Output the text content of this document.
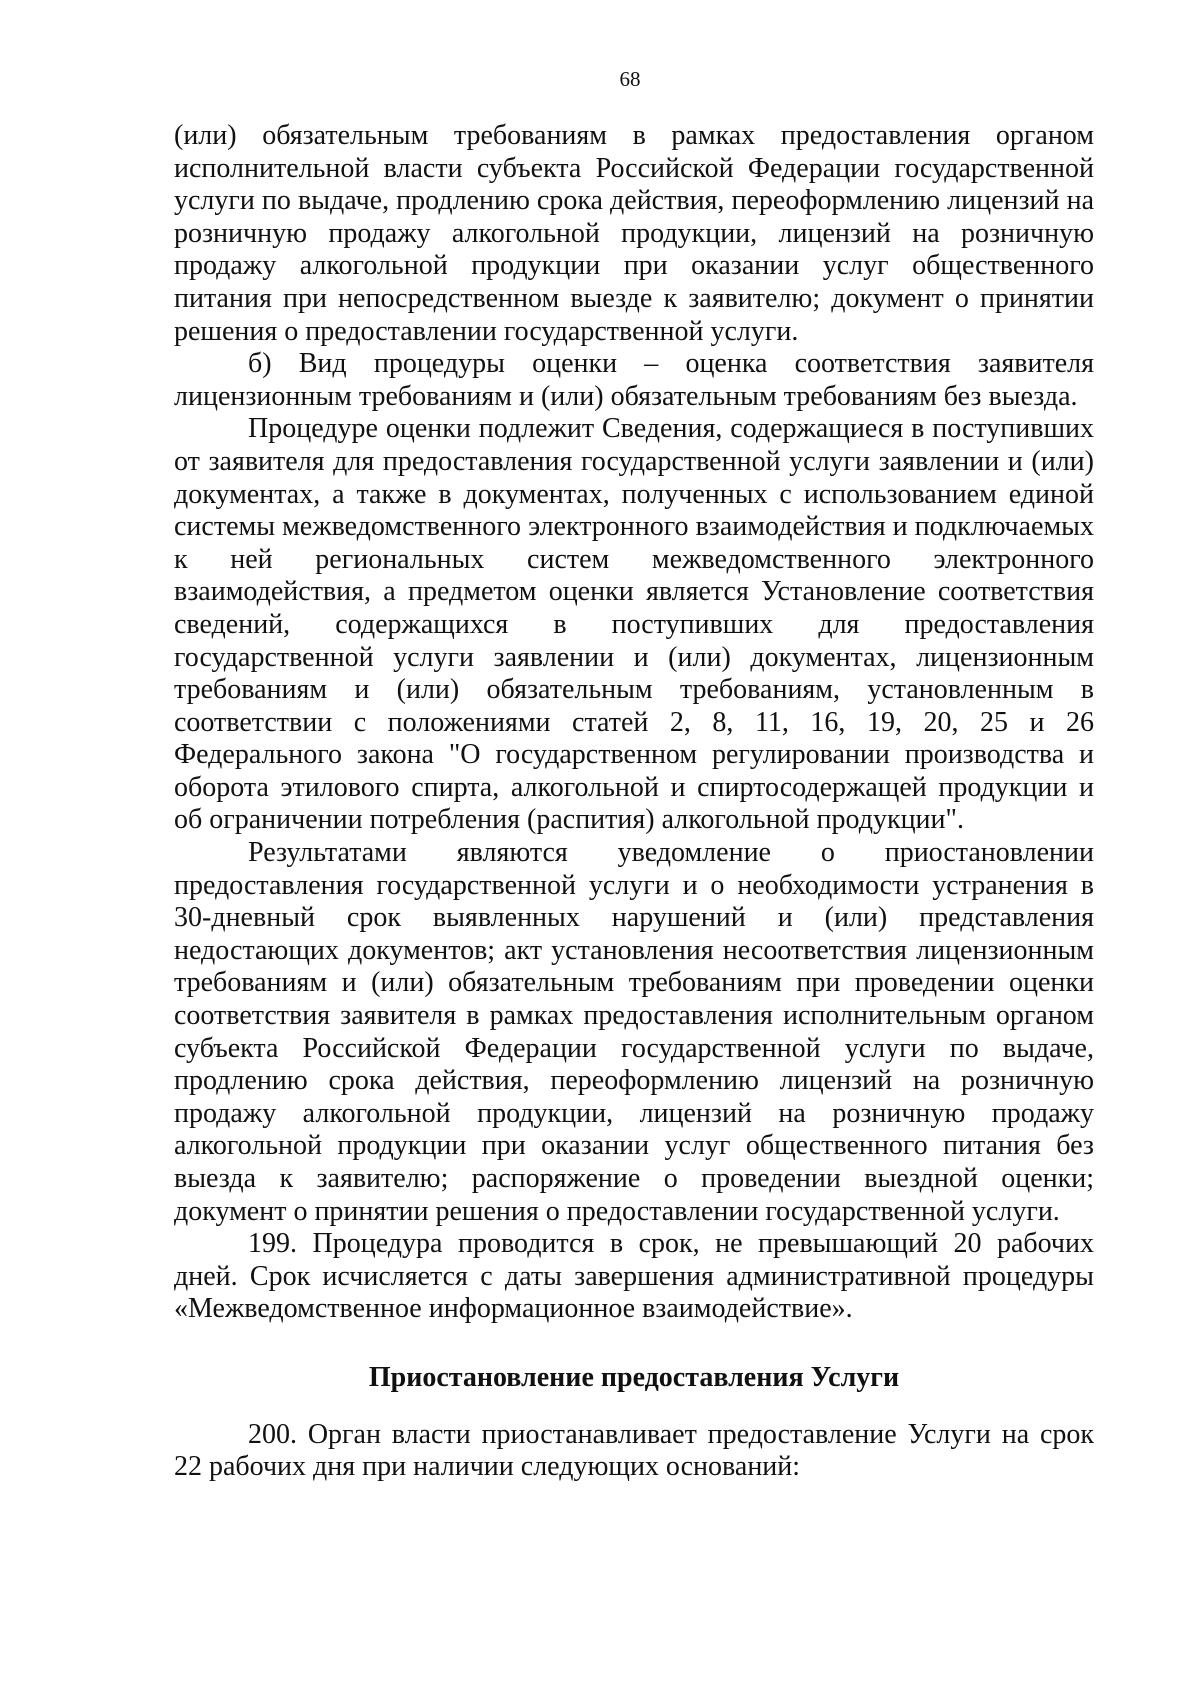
68

(или) обязательным требованиям в рамках предоставления органом исполнительной власти субъекта Российской Федерации государственной услуги по выдаче, продлению срока действия, переоформлению лицензий на розничную продажу алкогольной продукции, лицензий на розничную продажу алкогольной продукции при оказании услуг общественного питания при непосредственном выезде к заявителю; документ о принятии решения о предоставлении государственной услуги.

б) Вид процедуры оценки – оценка соответствия заявителя лицензионным требованиям и (или) обязательным требованиям без выезда.

Процедуре оценки подлежит Сведения, содержащиеся в поступивших от заявителя для предоставления государственной услуги заявлении и (или) документах, а также в документах, полученных с использованием единой системы межведомственного электронного взаимодействия и подключаемых к ней региональных систем межведомственного электронного взаимодействия, а предметом оценки является Установление соответствия сведений, содержащихся в поступивших для предоставления государственной услуги заявлении и (или) документах, лицензионным требованиям и (или) обязательным требованиям, установленным в соответствии с положениями статей 2, 8, 11, 16, 19, 20, 25 и 26 Федерального закона "О государственном регулировании производства и оборота этилового спирта, алкогольной и спиртосодержащей продукции и об ограничении потребления (распития) алкогольной продукции".

Результатами являются уведомление о приостановлении предоставления государственной услуги и о необходимости устранения в 30-дневный срок выявленных нарушений и (или) представления недостающих документов; акт установления несоответствия лицензионным требованиям и (или) обязательным требованиям при проведении оценки соответствия заявителя в рамках предоставления исполнительным органом субъекта Российской Федерации государственной услуги по выдаче, продлению срока действия, переоформлению лицензий на розничную продажу алкогольной продукции, лицензий на розничную продажу алкогольной продукции при оказании услуг общественного питания без выезда к заявителю; распоряжение о проведении выездной оценки; документ о принятии решения о предоставлении государственной услуги.

199. Процедура проводится в срок, не превышающий 20 рабочих дней. Срок исчисляется с даты завершения административной процедуры «Межведомственное информационное взаимодействие».

Приостановление предоставления Услуги

200. Орган власти приостанавливает предоставление Услуги на срок 22 рабочих дня при наличии следующих оснований:
